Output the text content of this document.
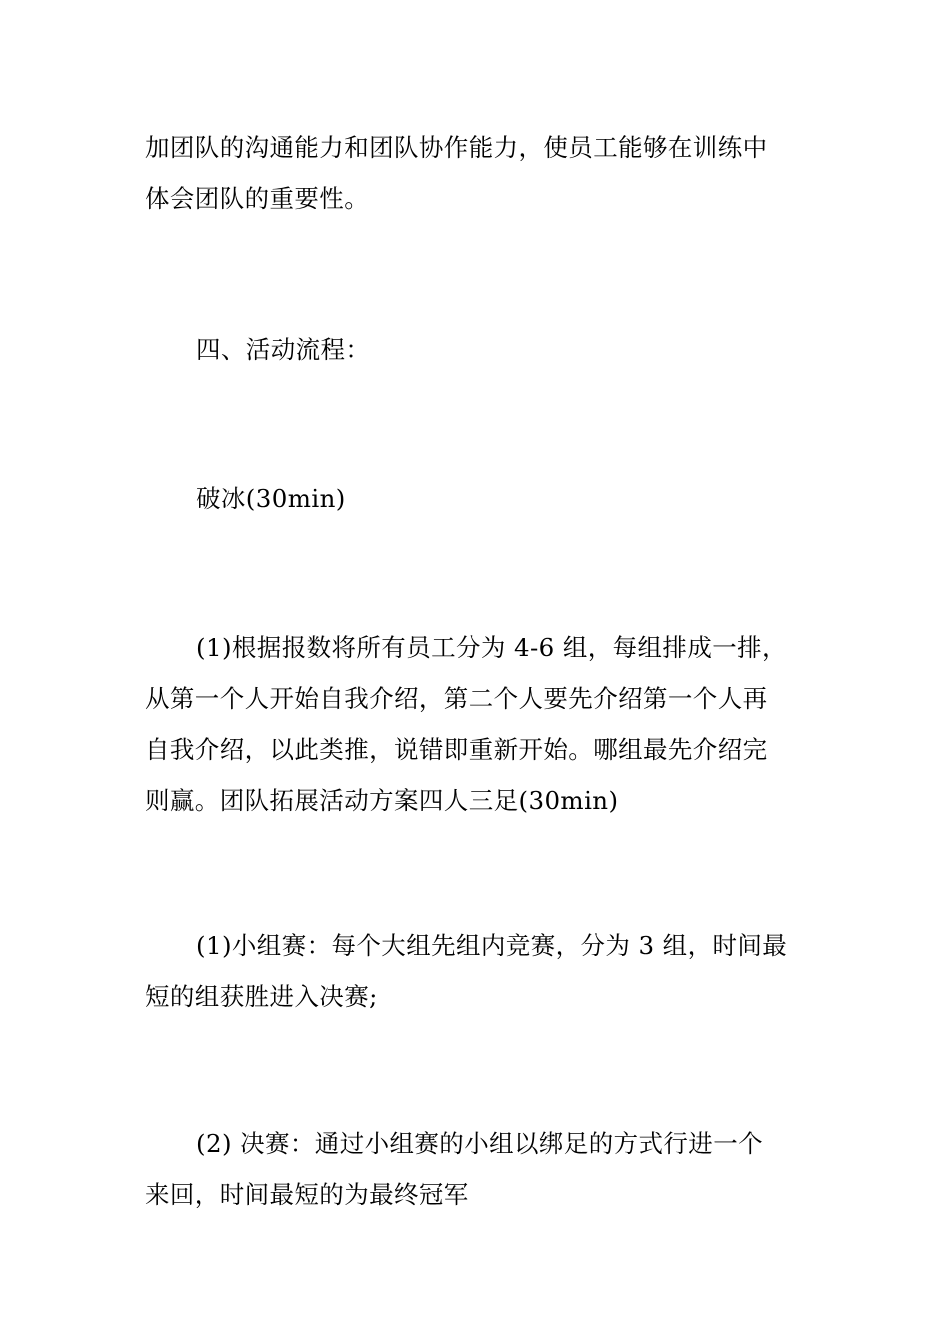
加团队的沟通能力和团队协作能力，使员工能够在训练中
体会团队的重要性。
四、活动流程：
破冰(30min)
(1)根据报数将所有员工分为 4-6 组，每组排成一排，
从第一个人开始自我介绍，第二个人要先介绍第一个人再
自我介绍，以此类推，说错即重新开始。哪组最先介绍完
则赢。团队拓展活动方案四人三足(30min)
(1)小组赛：每个大组先组内竞赛，分为 3 组，时间最
短的组获胜进入决赛;
(2) 决赛：通过小组赛的小组以绑足的方式行进一个
来回，时间最短的为最终冠军
